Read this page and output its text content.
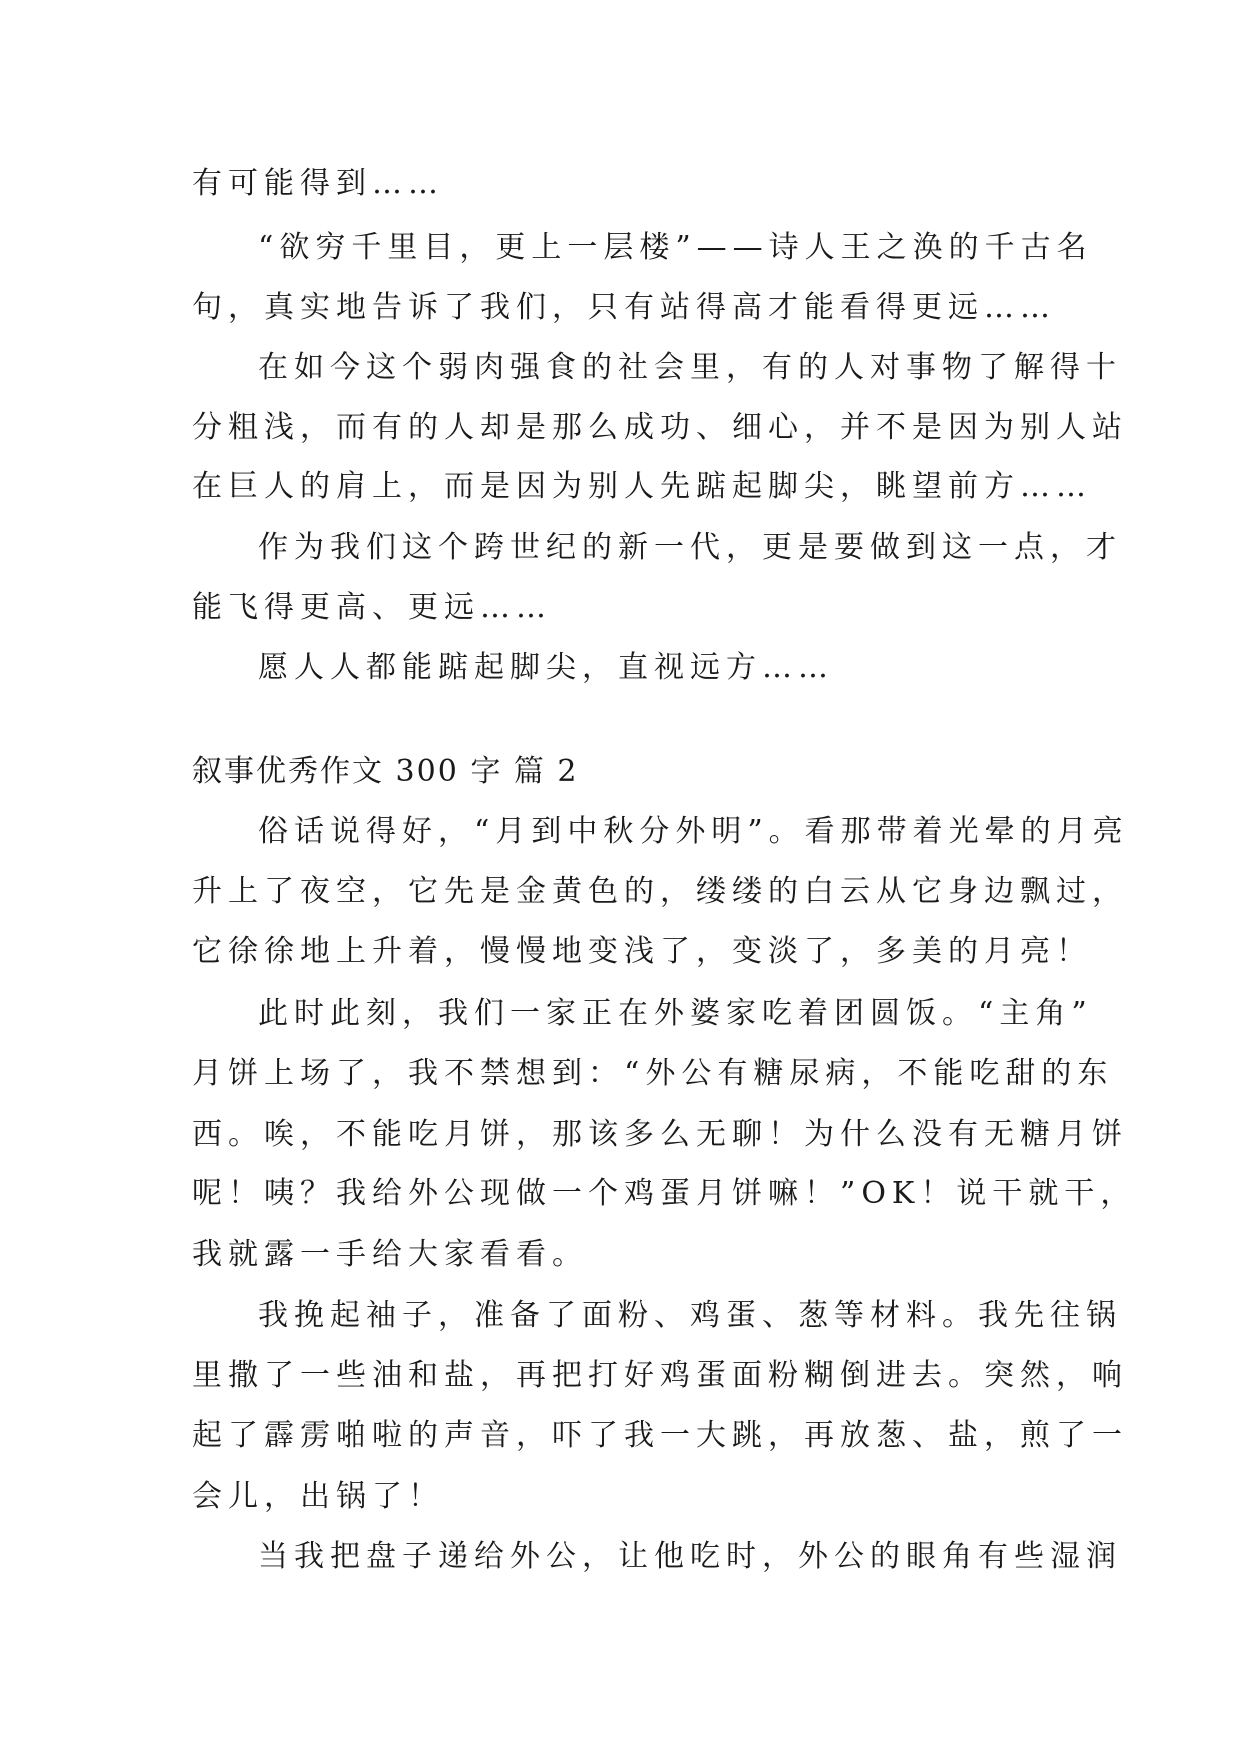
有可能得到……
“欲穷千里目，更上一层楼”——诗人王之涣的千古名
句，真实地告诉了我们，只有站得高才能看得更远……
在如今这个弱肉强食的社会里，有的人对事物了解得十
分粗浅，而有的人却是那么成功、细心，并不是因为别人站
在巨人的肩上，而是因为别人先踮起脚尖，眺望前方……
作为我们这个跨世纪的新一代，更是要做到这一点，才
能飞得更高、更远……
愿人人都能踮起脚尖，直视远方……
叙事优秀作文 300 字 篇 2
俗话说得好，“月到中秋分外明”。看那带着光晕的月亮
升上了夜空，它先是金黄色的，缕缕的白云从它身边飘过，
它徐徐地上升着，慢慢地变浅了，变淡了，多美的月亮！
此时此刻，我们一家正在外婆家吃着团圆饭。“主角”
月饼上场了，我不禁想到：“外公有糖尿病，不能吃甜的东
西。唉，不能吃月饼，那该多么无聊！为什么没有无糖月饼
呢！咦？我给外公现做一个鸡蛋月饼嘛！”OK！说干就干，
我就露一手给大家看看。
我挽起袖子，准备了面粉、鸡蛋、葱等材料。我先往锅
里撒了一些油和盐，再把打好鸡蛋面粉糊倒进去。突然，响
起了霹雳啪啦的声音，吓了我一大跳，再放葱、盐，煎了一
会儿，出锅了！
当我把盘子递给外公，让他吃时，外公的眼角有些湿润
